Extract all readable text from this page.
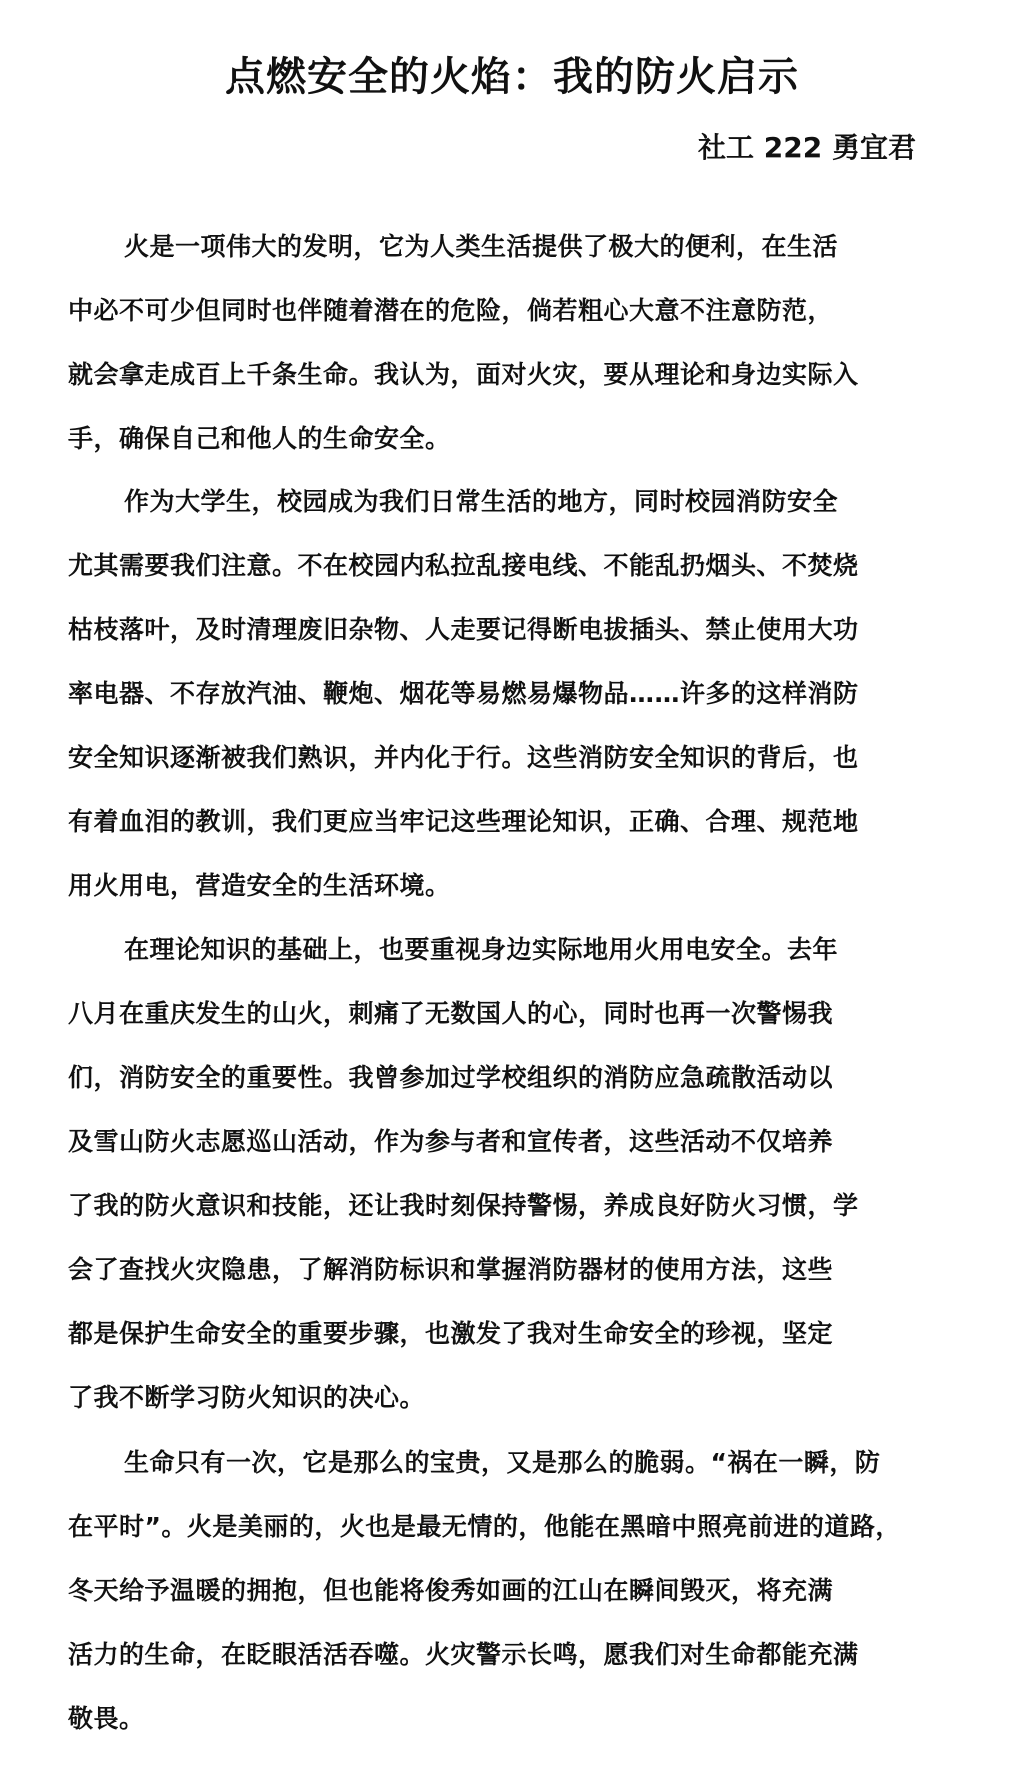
点燃安全的火焰：我的防火启示
社工 222 勇宜君
火是一项伟大的发明，它为人类生活提供了极大的便利，在生活
中必不可少但同时也伴随着潜在的危险，倘若粗心大意不注意防范，
就会拿走成百上千条生命。我认为，面对火灾，要从理论和身边实际入
手，确保自己和他人的生命安全。
作为大学生，校园成为我们日常生活的地方，同时校园消防安全
尤其需要我们注意。不在校园内私拉乱接电线、不能乱扔烟头、不焚烧
枯枝落叶，及时清理废旧杂物、人走要记得断电拔插头、禁止使用大功
率电器、不存放汽油、鞭炮、烟花等易燃易爆物品……许多的这样消防
安全知识逐渐被我们熟识，并内化于行。这些消防安全知识的背后，也
有着血泪的教训，我们更应当牢记这些理论知识，正确、合理、规范地
用火用电，营造安全的生活环境。
在理论知识的基础上，也要重视身边实际地用火用电安全。去年
八月在重庆发生的山火，刺痛了无数国人的心，同时也再一次警惕我
们，消防安全的重要性。我曾参加过学校组织的消防应急疏散活动以
及雪山防火志愿巡山活动，作为参与者和宣传者，这些活动不仅培养
了我的防火意识和技能，还让我时刻保持警惕，养成良好防火习惯，学
会了查找火灾隐患，了解消防标识和掌握消防器材的使用方法，这些
都是保护生命安全的重要步骤，也激发了我对生命安全的珍视，坚定
了我不断学习防火知识的决心。
生命只有一次，它是那么的宝贵，又是那么的脆弱。“祸在一瞬，防
在平时”。火是美丽的，火也是最无情的，他能在黑暗中照亮前进的道路，
冬天给予温暖的拥抱，但也能将俊秀如画的江山在瞬间毁灭，将充满
活力的生命，在眨眼活活吞噬。火灾警示长鸣，愿我们对生命都能充满
敬畏。
